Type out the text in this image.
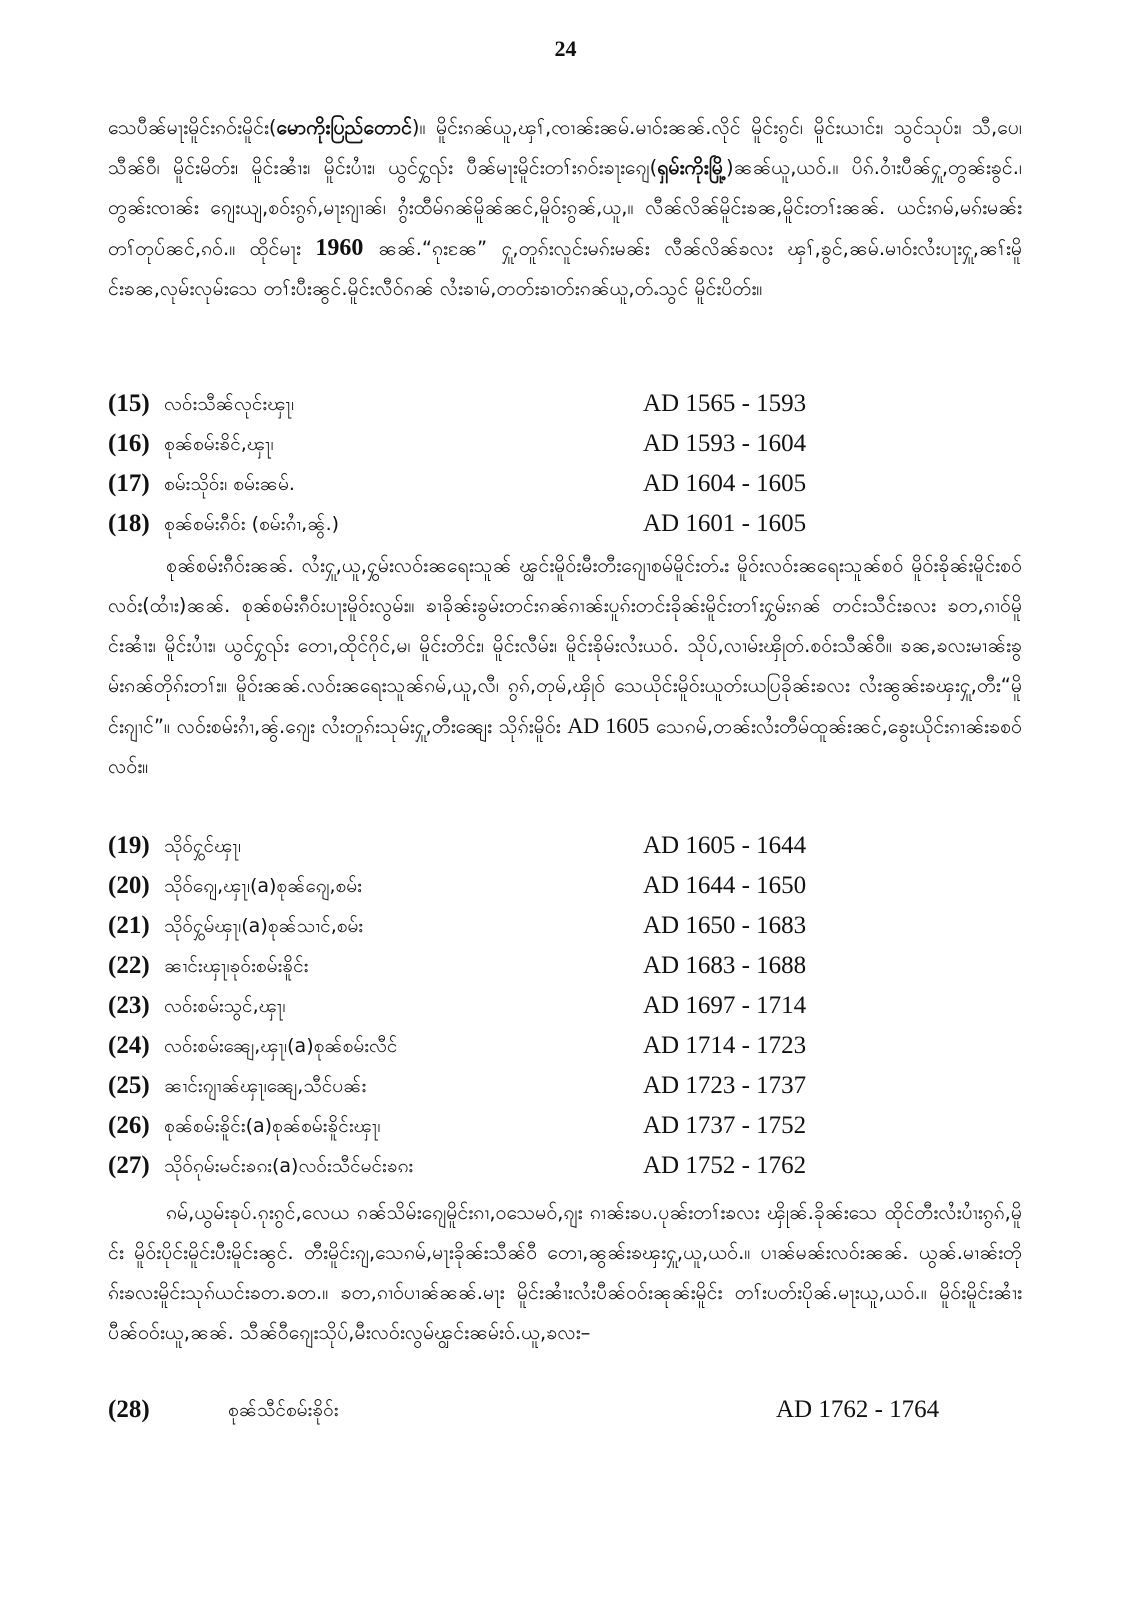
24

သေပီၼ်မႃးမိူင်းၵဝ်းမိူင်း(မောကိုးပြည်တောင်)။ မိူင်းၵၼ်ယူ,ၾၢ်,ၸၢၼ်းၼမ်.မၢဝ်းၼၼ်.လိုင် မိူင်းၵွင်၊ မိူင်းယၢင်း၊ သွင်သုပ်း၊ သီ,ပေ၊ သီၼ်ဝီ၊ မိူင်းမိတ်း၊ မိူင်းၼၢႆး၊ မိူင်းပၢႆး၊ ယွင်ႁွၺ်း ပီၼ်မႃးမိူင်းတၢ်းၵဝ်းၶႃးၵျေ(ရှမ်းကိုးမြို့)ၼၼ်ယူ,ယဝ်.။ ပိၵ်.ဝၢႆးပီၼ်ႁူ,တွၼ်းၶွင်.၊ တွၼ်းၸၢၼ်း ၵျေးယျ,စဝ်းၵွၵ်,မႃးၵျၢၼ်၊ ၵွႆးထီမ်ၵၼ်မိူၼ်ၼင်,မိူဝ်းၵွၼ်,ယူ,။ လီၼ်လိၼ်မိူင်းၶၼ,မိူင်းတၢ်းၼၼ်. ယင်းၵမ်,မၵ်းမၼ်းတၢ်တုပ်ၼင်,ၵဝ်.။ ထိုင်မႃး 1960 ၼၼ်.“ၵုးၼႄ” ႁူ,တူၵ်းလူင်းမၵ်းမၼ်း လီၼ်လိၼ်ၶလး ၾၢ်,ၶွင်,ၼမ်.မၢဝ်းလႆးပႃးႁူ,ၼၢ်းမိူင်းၶၼ,လုမ်းလုမ်းသေ တၢ်းပီးၼွင်.မိူင်းလီဝ်ၵၼ် လႆးၶၢမ်,တတ်းၶၢတ်းၵၼ်ယူ,တ်ႉသွင် မိူင်းပိတ်း။

(15) လဝ်းသီၼ်လုင်းၾႃ၊	AD 1565 - 1593
(16) စုၼ်စမ်းၶိင်,ၾႃ၊	AD 1593 - 1604
(17) စမ်းသိုဝ်း၊ စမ်းၼမ်.	AD 1604 - 1605
(18) စုၼ်စမ်းၵီဝ်း (စမ်းၵၢႆ,ၼွ်.)	AD 1601 - 1605

စုၼ်စမ်းၵီဝ်းၼၼ်. လႆးႁူ,ယူ,ႁွမ်းလဝ်းၼရေးသူၼ် ၾွင်းမိူဝ်းမီးတီးၵျေၢစမ်မိူင်းတ်ႉး မိူဝ်းလဝ်းၼရေးသူၼ်စဝ် မိူဝ်းၶိုၼ်းမိူင်းစဝ်လဝ်း(ထၢႆး)ၼၼ်. စုၼ်စမ်းၵီဝ်းပႃးမိူဝ်းလွမ်း။ ၶၢခိုၼ်းၶွမ်းတင်းၵၼ်ၵၢၼ်းပူၵ်းတင်းခိုၼ်းမိူင်းတၢ်းႁွမ်းၵၼ် တင်းသီင်းၶလး ၶတ,ၵၢဝ်မိူင်းၼၢႆး၊ မိူင်းပၢႆး၊ ယွင်ႁွၺ်း တေၢ,ထိုင်ဂိုင်,မ၊ မိူင်းတိင်း၊ မိူင်းလီမ်း၊ မိူင်းၶိုမ်းလႆးယဝ်. သိုပ်,လၢမ်းၾိုတ်.စဝ်းသီၼ်ဝီ။ ၶၼ,ၶလးမၢၼ်းၶွမ်းၵၼ်တိုၵ်းတၢ်း။ မိူဝ်းၼၼ်.လဝ်းၼရေးသူၼ်ၵမ်,ယူ,လီ၊ ၵွၵ်,တုမ်,ၾိုဝ် သေယိုင်းမိူဝ်းယူတ်းယပြခိုၼ်းၶလး လႆးၼွၼ်းၶၾးႁူ,တီး“မိူင်းၵျၢင်”။ လဝ်းစမ်းၵၢႆ,ၼွ်.ၵျေး လႆးတူၵ်းသုမ်းႁူ,တီးၼျေး သိုၵ်းမိူဝ်း AD 1605 သေၵမ်,တၼ်းလႆးတီမ်ထူၼ်းၼင်,ၶွေးယိုင်းၵၢၼ်းၶစဝ်လဝ်း။

(19) သိုဝ်ႁွင်ၾႃ၊	AD 1605 - 1644
(20) သိုဝ်ၵျေ,ၾႃ၊(a)စုၼ်ၵျေ,စမ်း	AD 1644 - 1650
(21) သိုဝ်ႁွမ်ၾႃ၊(a)စုၼ်သၢင်,စမ်း	AD 1650 - 1683
(22) ၼၢင်းၾႃ၊ၶုဝ်းစမ်းၶိူင်း	AD 1683 - 1688
(23) လဝ်းစမ်းသွင်,ၾႃ၊	AD 1697 - 1714
(24) လဝ်းစမ်းၼျေ,ၾႃ၊(a)စုၼ်စမ်းလီင်	AD 1714 - 1723
(25) ၼၢင်းၵျၢၼ်ၾႃ၊ၼျေ,သီင်ပၼ်း	AD 1723 - 1737
(26) စုၼ်စမ်းၶိူင်း(a)စုၼ်စမ်းၶိူင်းၾႃ၊	AD 1737 - 1752
(27) သိုဝ်ၵုမ်းမင်းၶၵး(a)လဝ်းသီင်မင်းၶၵး	AD 1752 - 1762

ၵမ်,ယွမ်းၶုပ်.ၵုးၵွင်,လေယ ၵၼ်သိမ်းၵျေမိူင်းၵၢ,ဝသေမဝ်,ၵျး ၵၢၼ်းၶပ.ပုၼ်းတၢ်းၶလး ၾိုၼ်.ခိုၼ်းသေ ထိုင်တီးလႆးပၢႆးၵွၵ်,မိူင်း မိူဝ်းပိုင်းမိူင်းပီးမိူင်းၼွင်. တီးမိူင်းၵျ,သေၵမ်,မႃးခိုၼ်းသီၼ်ဝီ တေၢ,ၼွၼ်းၶၾးႁူ,ယူ,ယဝ်.။ ပၢၼ်မၼ်းလဝ်းၼၼ်. ယွၼ်.မၢၼ်းတိုၵ်းၶလးမိူင်းသုၵ်ယင်းၶတ.ၶတ.။ ၶတ,ၵၢဝ်ပၢၼ်ၼၼ်.မႃး မိူင်းၼၢႆးလႆးပီၼ်ဝဝ်းၼုၼ်းမိူင်း တၢ်းပတ်းပိုၼ်.မႃးယူ,ယဝ်.။ မိူဝ်းမိူင်းၼၢႆးပီၼ်ဝဝ်းယူ,ၼၼ်. သီၼ်ဝီၵျေးသိုပ်,မီးလဝ်းလွမ်ၾွင်းၼမ်းဝ်.ယူ,ၶလး–

(28)	စုၼ်သီင်စမ်းၶိုဝ်း	AD 1762 - 1764
